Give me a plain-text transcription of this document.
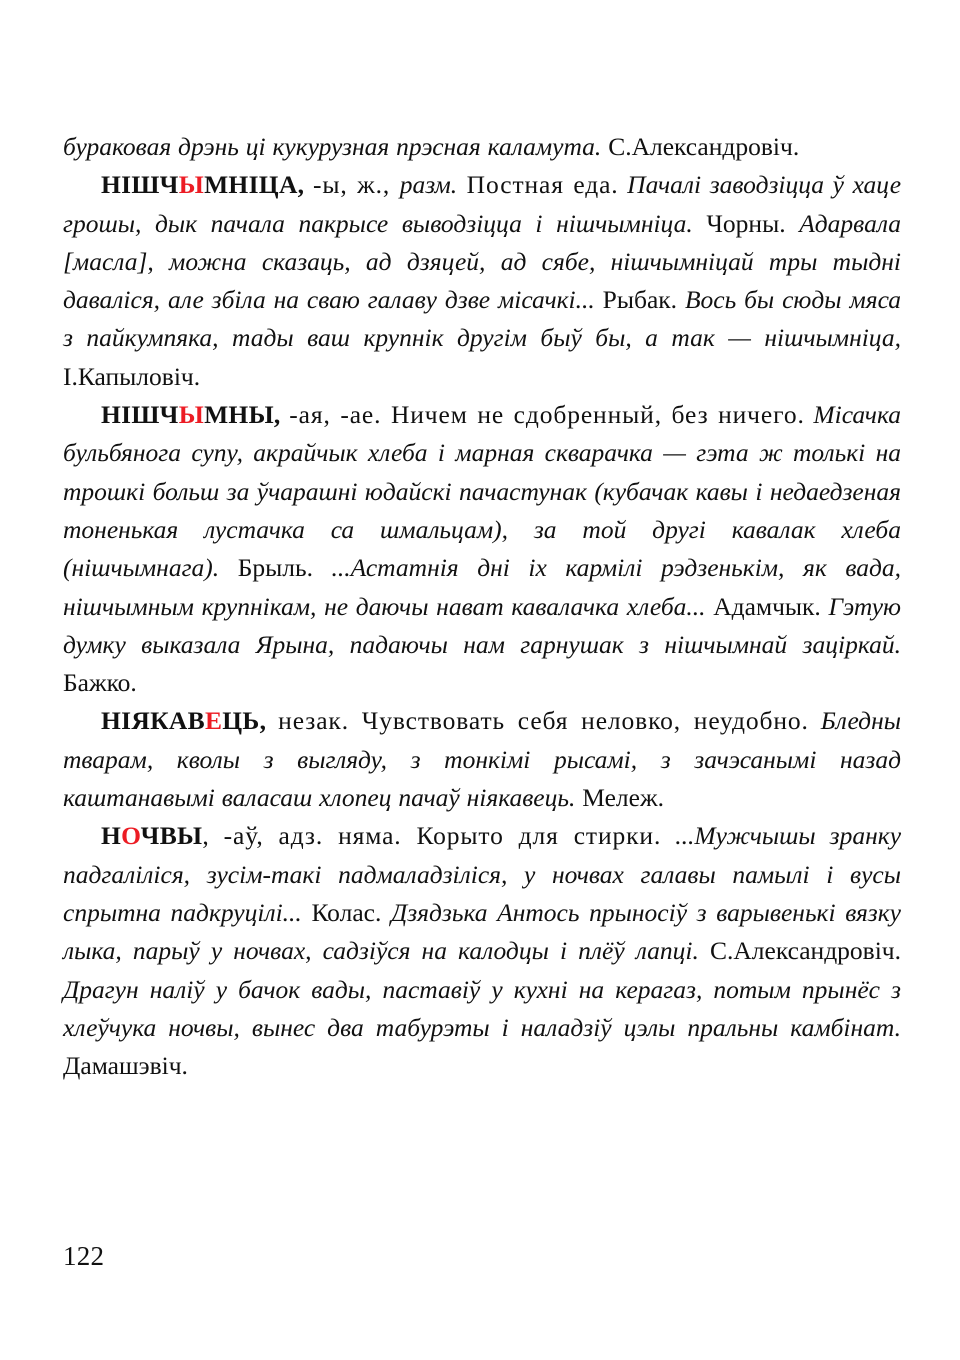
бураковая дрэнь ці кукурузная прэсная каламута. С.Александровіч.

НІШЧЫМНІЦА, -ы, ж., разм. Постная еда. Пачалі заводзіцца ў хаце грошы, дык пачала пакрысе выводзіцца і нішчымніца. Чорны. Адарвала [масла], можна сказаць, ад дзяцей, ад сябе, нішчымніцай тры тыдні даваліся, але збіла на сваю галаву дзве місачкі... Рыбак. Вось бы сюды мяса з пайкумпяка, тады ваш крупнік другім быў бы, а так — нішчымніца, І.Капыловіч.

НІШЧЫМНЫ, -ая, -ае. Ничем не сдобренный, без ничего. Місачка бульбянога супу, акрайчык хлеба і марная скварачка — гэта ж толькі на трошкі больш за ўчарашні юдайскі пачастунак (кубачак кавы і недаедзеная тоненькая лустачка са шмальцам), за той другі кавалак хлеба (нішчымнага). Брыль. ...Астатнія дні іх кармілі рэдзенькім, як вада, нішчымным крупнікам, не даючы нават кавалачка хлеба... Адамчык. Гэтую думку выказала Ярына, падаючы нам гарнушак з нішчымнай заціркай. Бажко.

НІЯКАВЕЦЬ, незак. Чувствовать себя неловко, неудобно. Бледны тварам, кволы з выгляду, з тонкімі рысамі, з зачэсанымі назад каштанавымі валасаш хлопец пачаў ніякавець. Мележ.

НОЧВЫ, -аў, адз. няма. Корыто для стирки. ...Мужчышы зранку падгаліліся, зусім-такі падмаладзіліся, у ночвах галавы памылі і вусы спрытна падкруцілі... Колас. Дзядзька Антось прыносіў з варывенькі вязку лыка, парыў у ночвах, садзіўся на калодцы і плёў лапці. С.Александровіч. Драгун наліў у бачок вады, паставіў у кухні на керагаз, потым прынёс з хлеўчука ночвы, вынес два табурэты і наладзіў цэлы пральны камбінат. Дамашэвіч.

122
